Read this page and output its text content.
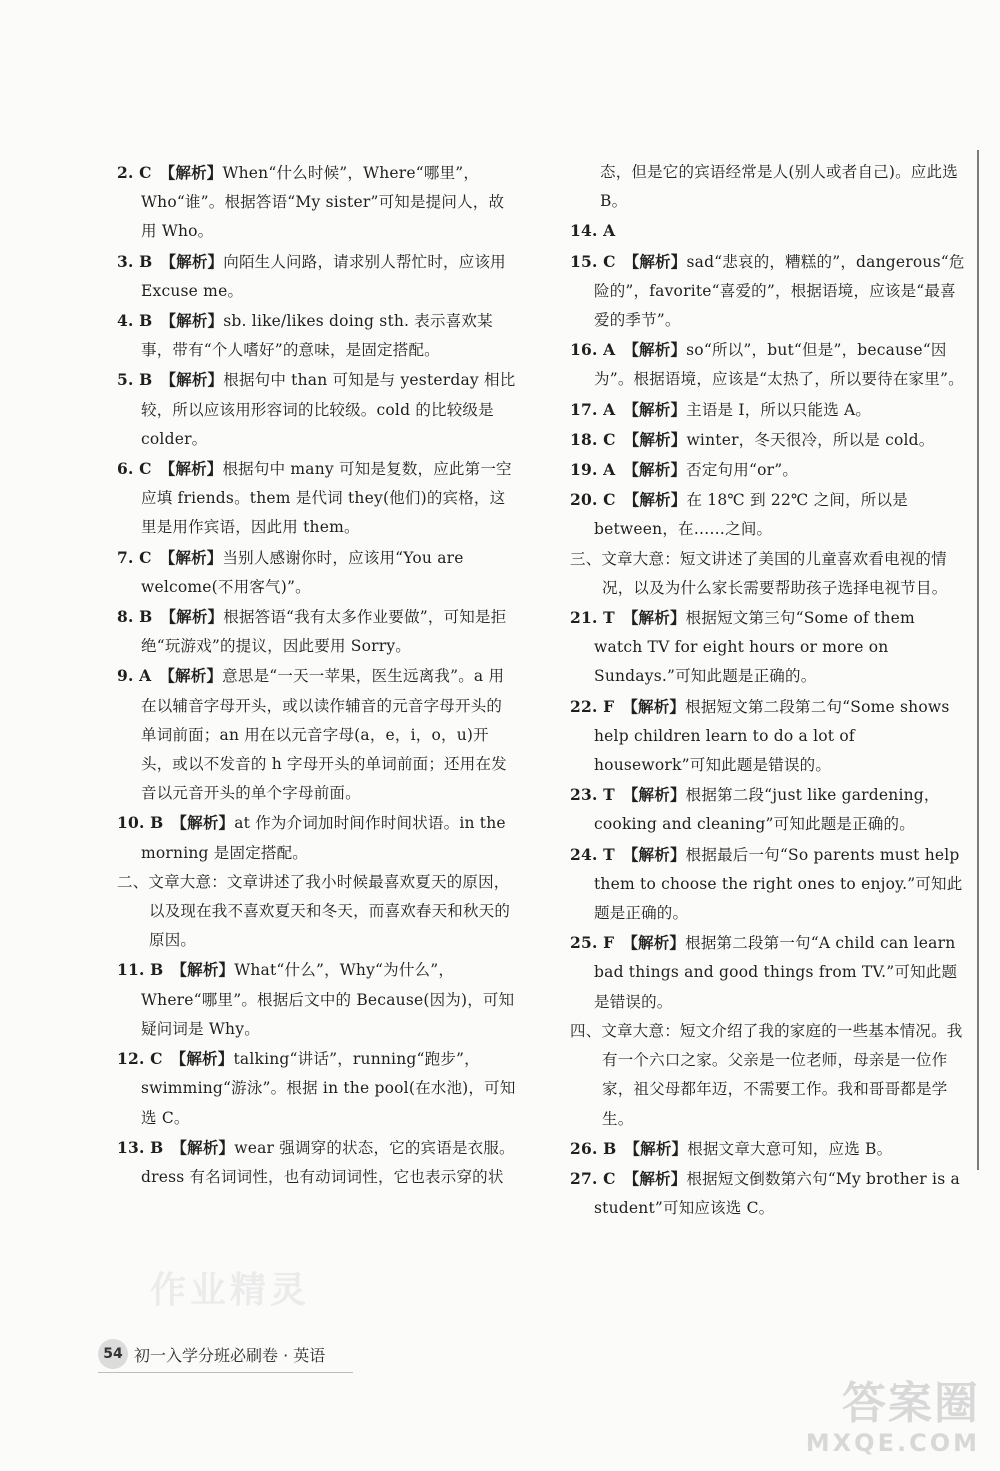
2. C　 【解析】When“什么时候”，Where“哪里”，Who“谁”。根据答语“My sister”可知是提问人，故用 Who。
3. B　 【解析】向陌生人问路，请求别人帮忙时，应该用 Excuse me。
4. B　 【解析】sb. like/likes doing sth. 表示喜欢某事，带有“个人嗜好”的意味，是固定搭配。
5. B　 【解析】根据句中 than 可知是与 yesterday 相比较，所以应该用形容词的比较级。cold 的比较级是 colder。
6. C　 【解析】根据句中 many 可知是复数，应此第一空应填 friends。them 是代词 they(他们)的宾格，这里是用作宾语，因此用 them。
7. C　 【解析】当别人感谢你时，应该用“You are welcome(不用客气)”。
8. B　 【解析】根据答语“我有太多作业要做”，可知是拒绝“玩游戏”的提议，因此要用 Sorry。
9. A　 【解析】意思是“一天一苹果，医生远离我”。a 用在以辅音字母开头，或以读作辅音的元音字母开头的单词前面；an 用在以元音字母(a，e，i，o，u)开头，或以不发音的 h 字母开头的单词前面；还用在发音以元音开头的单个字母前面。
10. B　 【解析】at 作为介词加时间作时间状语。in the morning 是固定搭配。
二、文章大意：文章讲述了我小时候最喜欢夏天的原因，以及现在我不喜欢夏天和冬天，而喜欢春天和秋天的原因。
11. B　 【解析】What“什么”，Why“为什么”，Where“哪里”。根据后文中的 Because(因为)，可知疑问词是 Why。
12. C　 【解析】talking“讲话”，running“跑步”，swimming“游泳”。根据 in the pool(在水池)，可知选 C。
13. B　 【解析】wear 强调穿的状态，它的宾语是衣服。dress 有名词词性，也有动词词性，它也表示穿的状
态，但是它的宾语经常是人(别人或者自己)。应此选 B。
14. A
15. C　 【解析】sad“悲哀的，糟糕的”，dangerous“危险的”，favorite“喜爱的”，根据语境，应该是“最喜爱的季节”。
16. A　 【解析】so“所以”，but“但是”，because“因为”。根据语境，应该是“太热了，所以要待在家里”。
17. A　 【解析】主语是 I，所以只能选 A。
18. C　 【解析】winter，冬天很冷，所以是 cold。
19. A　 【解析】否定句用“or”。
20. C　 【解析】在 18℃ 到 22℃ 之间，所以是 between，在……之间。
三、文章大意：短文讲述了美国的儿童喜欢看电视的情况，以及为什么家长需要帮助孩子选择电视节目。
21. T　 【解析】根据短文第三句“Some of them watch TV for eight hours or more on Sundays.”可知此题是正确的。
22. F　 【解析】根据短文第二段第二句“Some shows help children learn to do a lot of housework”可知此题是错误的。
23. T　 【解析】根据第二段“just like gardening，cooking and cleaning”可知此题是正确的。
24. T　 【解析】根据最后一句“So parents must help them to choose the right ones to enjoy.”可知此题是正确的。
25. F　 【解析】根据第二段第一句“A child can learn bad things and good things from TV.”可知此题是错误的。
四、文章大意：短文介绍了我的家庭的一些基本情况。我有一个六口之家。父亲是一位老师，母亲是一位作家，祖父母都年迈，不需要工作。我和哥哥都是学生。
26. B　 【解析】根据文章大意可知，应选 B。
27. C　 【解析】根据短文倒数第六句“My brother is a student”可知应该选 C。
作业精灵
54 初一入学分班必刷卷 · 英语
答案圈
MXQE.COM
